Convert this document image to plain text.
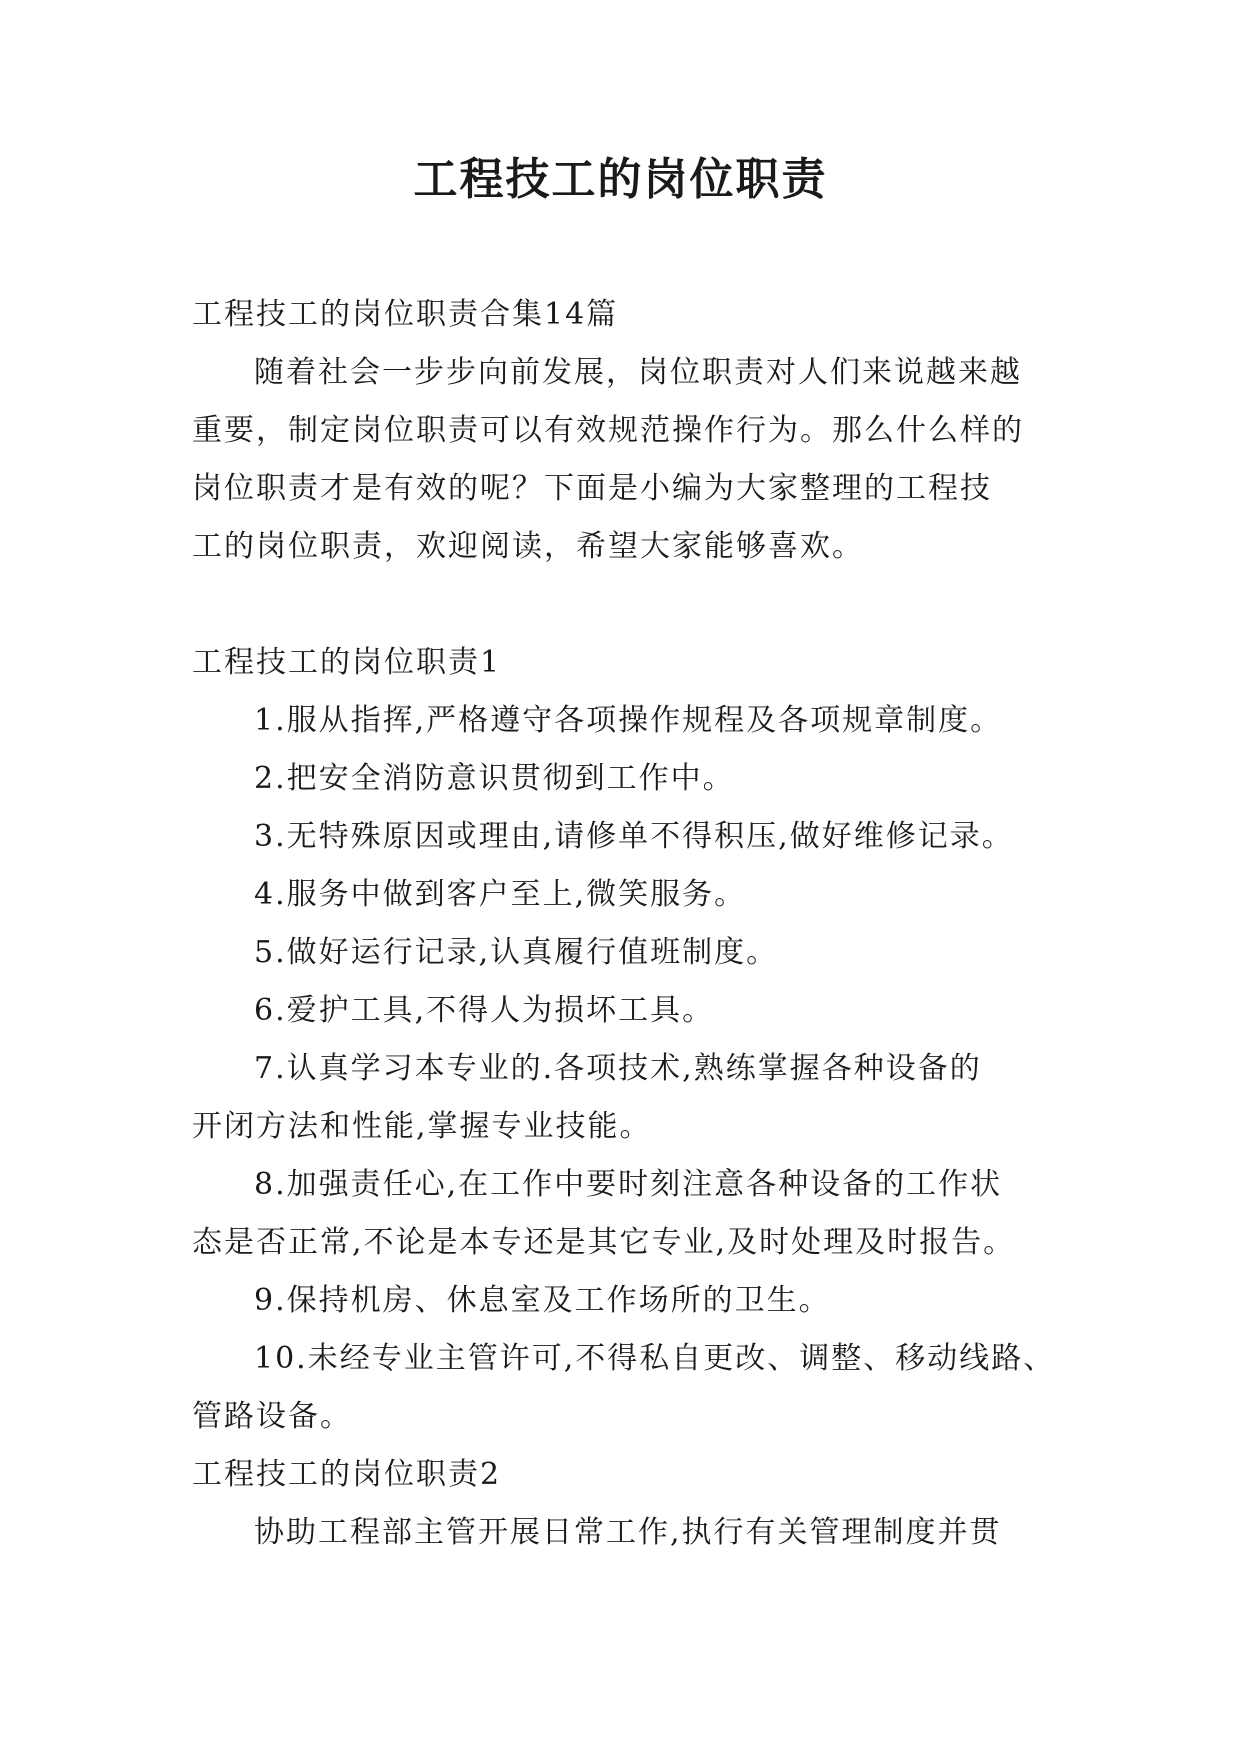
工程技工的岗位职责
工程技工的岗位职责合集14篇
随着社会一步步向前发展，岗位职责对人们来说越来越
重要，制定岗位职责可以有效规范操作行为。那么什么样的
岗位职责才是有效的呢？下面是小编为大家整理的工程技
工的岗位职责，欢迎阅读，希望大家能够喜欢。
工程技工的岗位职责1
1.服从指挥,严格遵守各项操作规程及各项规章制度。
2.把安全消防意识贯彻到工作中。
3.无特殊原因或理由,请修单不得积压,做好维修记录。
4.服务中做到客户至上,微笑服务。
5.做好运行记录,认真履行值班制度。
6.爱护工具,不得人为损坏工具。
7.认真学习本专业的.各项技术,熟练掌握各种设备的
开闭方法和性能,掌握专业技能。
8.加强责任心,在工作中要时刻注意各种设备的工作状
态是否正常,不论是本专还是其它专业,及时处理及时报告。
9.保持机房、休息室及工作场所的卫生。
10.未经专业主管许可,不得私自更改、调整、移动线路、
管路设备。
工程技工的岗位职责2
协助工程部主管开展日常工作,执行有关管理制度并贯
